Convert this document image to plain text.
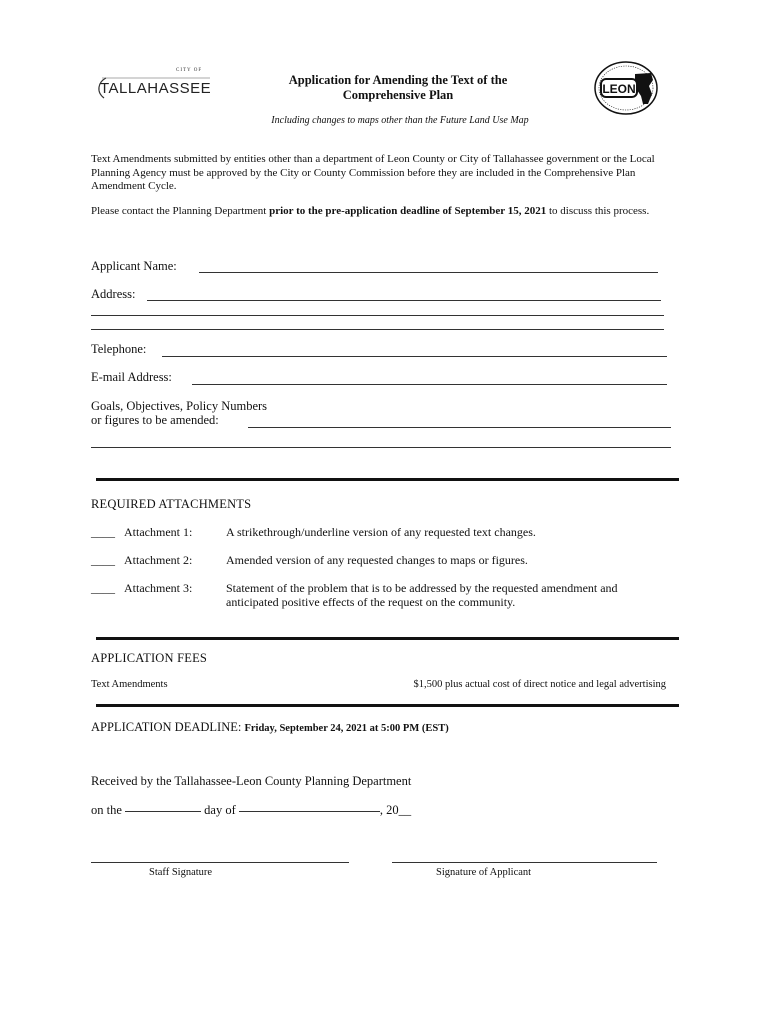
CITY OF
TALLAHASSEE	Application for Amending the Text of the
Comprehensive Plan	LEON
Including changes to maps other than the Future Land Use Map
Text Amendments submitted by entities other than a department of Leon County or City of Tallahassee government or the Local Planning Agency must be approved by the City or County Commission before they are included in the Comprehensive Plan Amendment Cycle.
Please contact the Planning Department prior to the pre-application deadline of September 15, 2021 to discuss this process.
Applicant Name:
Address:
Telephone:
E-mail Address:
Goals, Objectives, Policy Numbers
or figures to be amended:
REQUIRED ATTACHMENTS
____ Attachment 1:	A strikethrough/underline version of any requested text changes.
____ Attachment 2:	Amended version of any requested changes to maps or figures.
____ Attachment 3:	Statement of the problem that is to be addressed by the requested amendment and anticipated positive effects of the request on the community.
APPLICATION FEES
Text Amendments	$1,500 plus actual cost of direct notice and legal advertising
APPLICATION DEADLINE: Friday, September 24, 2021 at 5:00 PM (EST)
Received by the Tallahassee-Leon County Planning Department
on the	day of	, 20__
Staff Signature	Signature of Applicant
